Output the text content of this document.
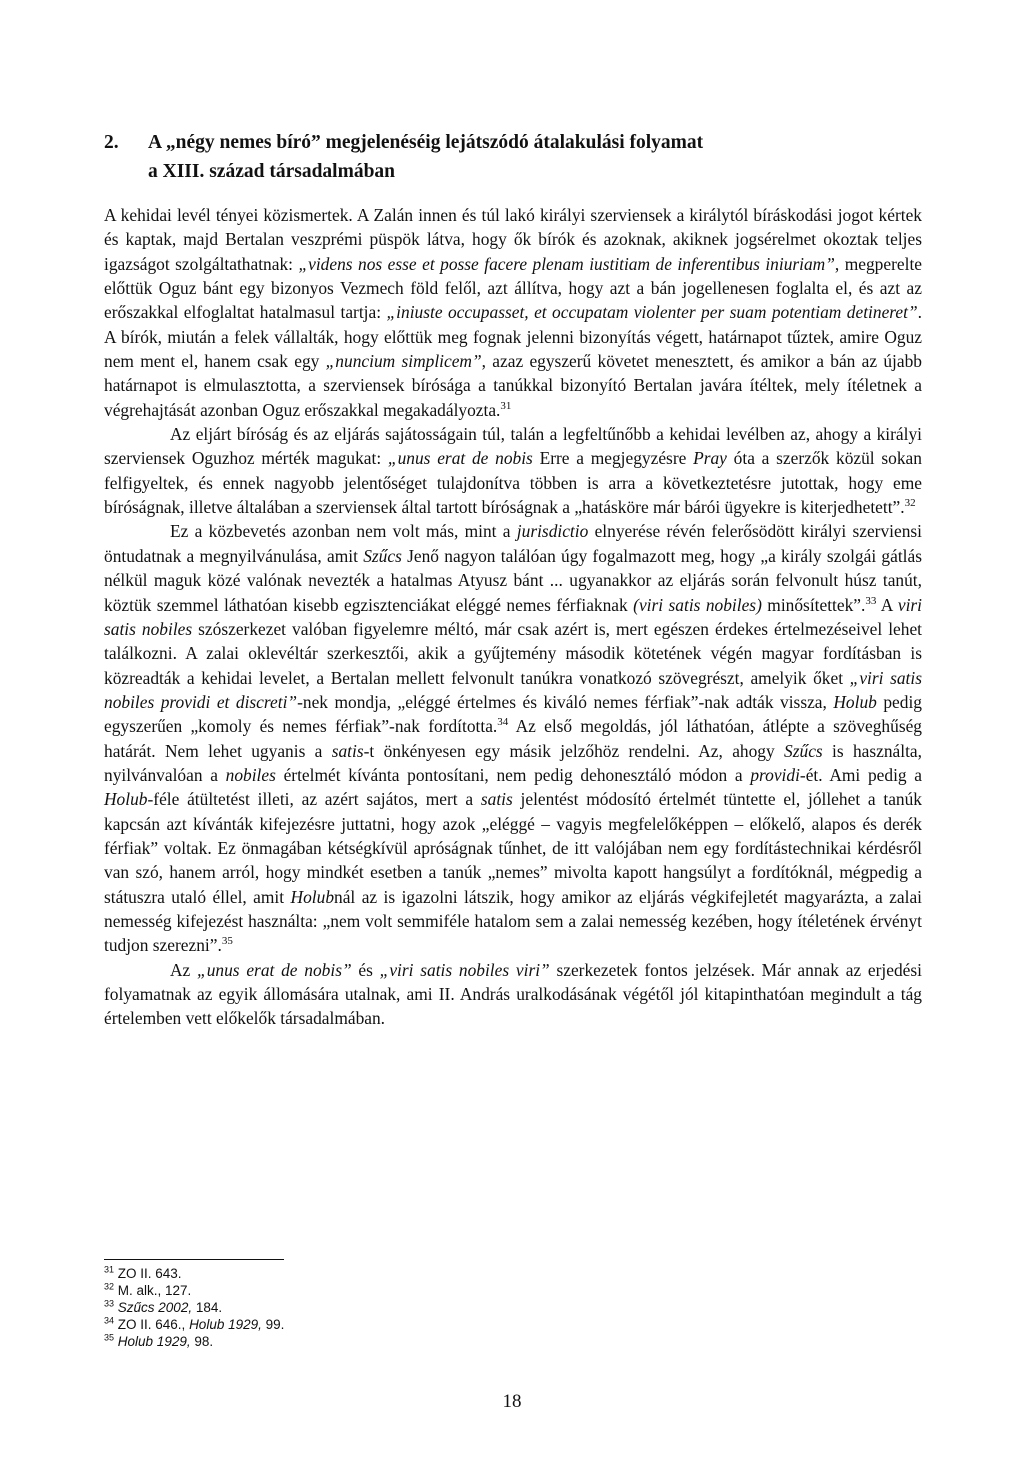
2. A „négy nemes bíró” megjelenéséig lejátszódó átalakulási folyamat
a XIII. század társadalmában

A kehidai levél tényei közismertek. A Zalán innen és túl lakó királyi szerviensek a királytól bíráskodási jogot kértek és kaptak, majd Bertalan veszprémi püspök látva, hogy ők bírók és azoknak, akiknek jogsérelmet okoztak teljes igazságot szolgáltathatnak: „videns nos esse et posse facere plenam iustitiam de inferentibus iniuriam”, megperelte előttük Oguz bánt egy bizonyos Vezmech föld felől, azt állítva, hogy azt a bán jogellenesen foglalta el, és azt az erőszakkal elfoglaltat hatalmasul tartja: „iniuste occupasset, et occupatam violenter per suam potentiam detineret”. A bírók, miután a felek vállalták, hogy előttük meg fognak jelenni bizonyítás végett, határnapot tűztek, amire Oguz nem ment el, hanem csak egy „nuncium simplicem”, azaz egyszerű követet menesztett, és amikor a bán az újabb határnapot is elmulasztotta, a szerviensek bírósága a tanúkkal bizonyító Bertalan javára ítéltek, mely ítéletnek a végrehajtását azonban Oguz erőszakkal megakadályozta.$^{31}$

Az eljárt bíróság és az eljárás sajátosságain túl, talán a legfeltűnőbb a kehidai levélben az, ahogy a királyi szerviensek Oguzhoz mérték magukat: „unus erat de nobis Erre a megjegyzésre Pray óta a szerzők közül sokan felfigyeltek, és ennek nagyobb jelentőséget tulajdonítva többen is arra a következtetésre jutottak, hogy eme bíróságnak, illetve általában a szerviensek által tartott bíróságnak a „hatásköre már bárói ügyekre is kiterjedhetett”.$^{32}$

Ez a közbevetés azonban nem volt más, mint a jurisdictio elnyerése révén felerősödött királyi szerviensi öntudatnak a megnyilvánulása, amit Szűcs Jenő nagyon találóan úgy fogalmazott meg, hogy „a király szolgái gátlás nélkül maguk közé valónak nevezték a hatalmas Atyusz bánt ... ugyanakkor az eljárás során felvonult húsz tanút, köztük szemmel láthatóan kisebb egzisztenciákat eléggé nemes férfiaknak (viri satis nobiles) minősítettek”.$^{33}$ A viri satis nobiles szószerkezet valóban figyelemre méltó, már csak azért is, mert egészen érdekes értelmezéseivel lehet találkozni. A zalai oklevéltár szerkesztői, akik a gyűjtemény második kötetének végén magyar fordításban is közreadták a kehidai levelet, a Bertalan mellett felvonult tanúkra vonatkozó szövegrészt, amelyik őket „viri satis nobiles providi et discreti”-nek mondja, „eléggé értelmes és kiváló nemes férfiak”-nak adták vissza, Holub pedig egyszerűen „komoly és nemes férfiak”-nak fordította.$^{34}$ Az első megoldás, jól láthatóan, átlépte a szöveghűség határát. Nem lehet ugyanis a satis-t önkényesen egy másik jelzőhöz rendelni. Az, ahogy Szűcs is használta, nyilvánvalóan a nobiles értelmét kívánta pontosítani, nem pedig dehonesztáló módon a providi-ét. Ami pedig a Holub-féle átültetést illeti, az azért sajátos, mert a satis jelentést módosító értelmét tüntette el, jóllehet a tanúk kapcsán azt kívánták kifejezésre juttatni, hogy azok „eléggé – vagyis megfelelőképpen – előkelő, alapos és derék férfiak” voltak. Ez önmagában kétségkívül apróságnak tűnhet, de itt valójában nem egy fordítástechnikai kérdésről van szó, hanem arról, hogy mindkét esetben a tanúk „nemes” mivolta kapott hangsúlyt a fordítóknál, mégpedig a státuszra utaló éllel, amit Holubnál az is igazolni látszik, hogy amikor az eljárás végkifejletét magyarázta, a zalai nemesség kifejezést használta: „nem volt semmiféle hatalom sem a zalai nemesség kezében, hogy ítéletének érvényt tudjon szerezni”.$^{35}$

Az „unus erat de nobis” és „viri satis nobiles viri” szerkezetek fontos jelzések. Már annak az erjedési folyamatnak az egyik állomására utalnak, ami II. András uralkodásának végétől jól kitapinthatóan megindult a tág értelemben vett előkelők társadalmában.

$^{31}$ ZO II. 643.
$^{32}$ M. alk., 127.
$^{33}$ Szűcs 2002, 184.
$^{34}$ ZO II. 646., Holub 1929, 99.
$^{35}$ Holub 1929, 98.
18
